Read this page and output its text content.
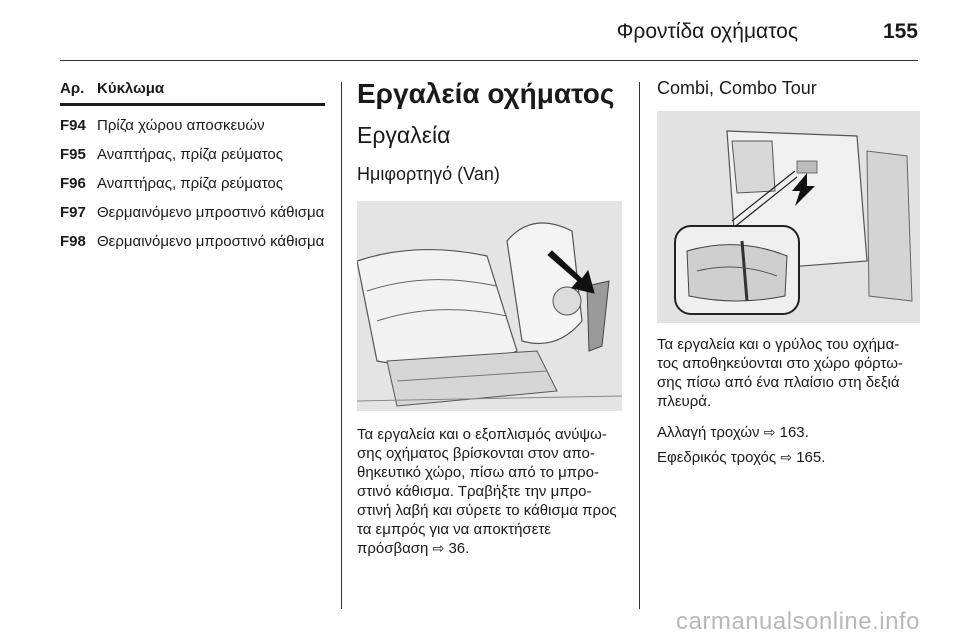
Φροντίδα οχήματος	155
Αρ. Κύκλωμα
F94 Πρίζα χώρου αποσκευών
F95 Αναπτήρας, πρίζα ρεύματος
F96 Αναπτήρας, πρίζα ρεύματος
F97 Θερμαινόμενο μπροστινό κάθισμα
F98 Θερμαινόμενο μπροστινό κάθισμα
Εργαλεία οχήματος
Εργαλεία
Ημιφορτηγό (Van)
Τα εργαλεία και ο εξοπλισμός ανύψω-σης οχήματος βρίσκονται στον απο-θηκευτικό χώρο, πίσω από το μπρο-στινό κάθισμα. Τραβήξτε την μπρο-στινή λαβή και σύρετε το κάθισμα προς τα εμπρός για να αποκτήσετε πρόσβαση ⇨ 36.
Combi, Combo Tour
Τα εργαλεία και ο γρύλος του οχήμα-τος αποθηκεύονται στο χώρο φόρτω-σης πίσω από ένα πλαίσιο στη δεξιά πλευρά.
Αλλαγή τροχών ⇨ 163.
Εφεδρικός τροχός ⇨ 165.
carmanualsonline.info
